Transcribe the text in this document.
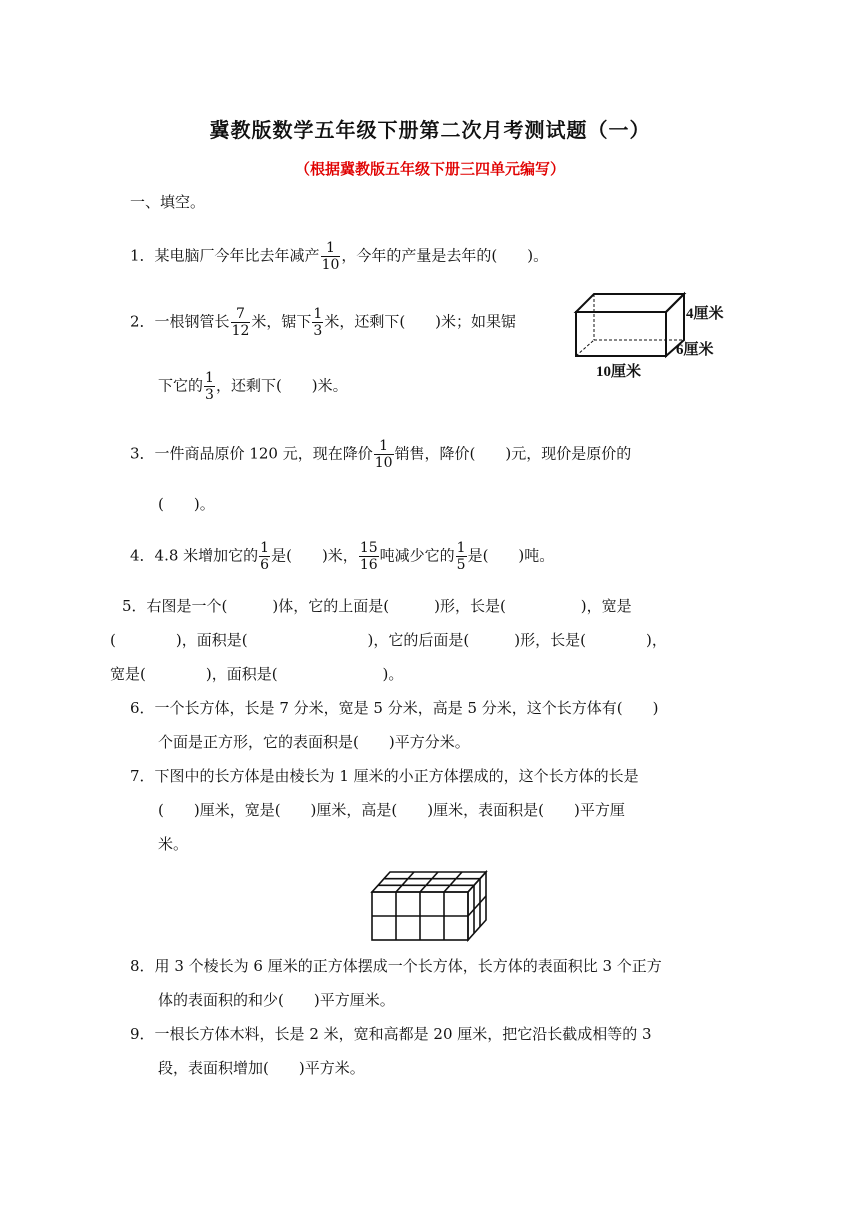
冀教版数学五年级下册第二次月考测试题（一）
（根据冀教版五年级下册三四单元编写）
一、填空。
1．某电脑厂今年比去年减产 $\frac{1}{10}$ ，今年的产量是去年的(　　)。
2．一根钢管长 $\frac{7}{12}$ 米，锯下 $\frac{1}{3}$ 米，还剩下(　　)米；如果锯
下它的 $\frac{1}{3}$ ，还剩下(　　)米。
4厘米
6厘米
10厘米
3．一件商品原价 120 元，现在降价 $\frac{1}{10}$ 销售，降价(　　)元，现价是原价的
(　　)。
4．4.8 米增加它的 $\frac{1}{6}$ 是(　　)米， $\frac{15}{16}$ 吨减少它的 $\frac{1}{5}$ 是(　　)吨。
5．右图是一个(　　　)体，它的上面是(　　　)形，长是(　　　　　)，宽是
(　　　　)，面积是(　　　　　　　　)，它的后面是(　　　)形，长是(　　　　)，
宽是(　　　　)，面积是(　　　　　　　)。
6．一个长方体，长是 7 分米，宽是 5 分米，高是 5 分米，这个长方体有(　　)
个面是正方形，它的表面积是(　　)平方分米。
7．下图中的长方体是由棱长为 1 厘米的小正方体摆成的，这个长方体的长是
(　　)厘米，宽是(　　)厘米，高是(　　)厘米，表面积是(　　)平方厘
米。
8．用 3 个棱长为 6 厘米的正方体摆成一个长方体，长方体的表面积比 3 个正方
体的表面积的和少(　　)平方厘米。
9．一根长方体木料，长是 2 米，宽和高都是 20 厘米，把它沿长截成相等的 3
段，表面积增加(　　)平方米。
